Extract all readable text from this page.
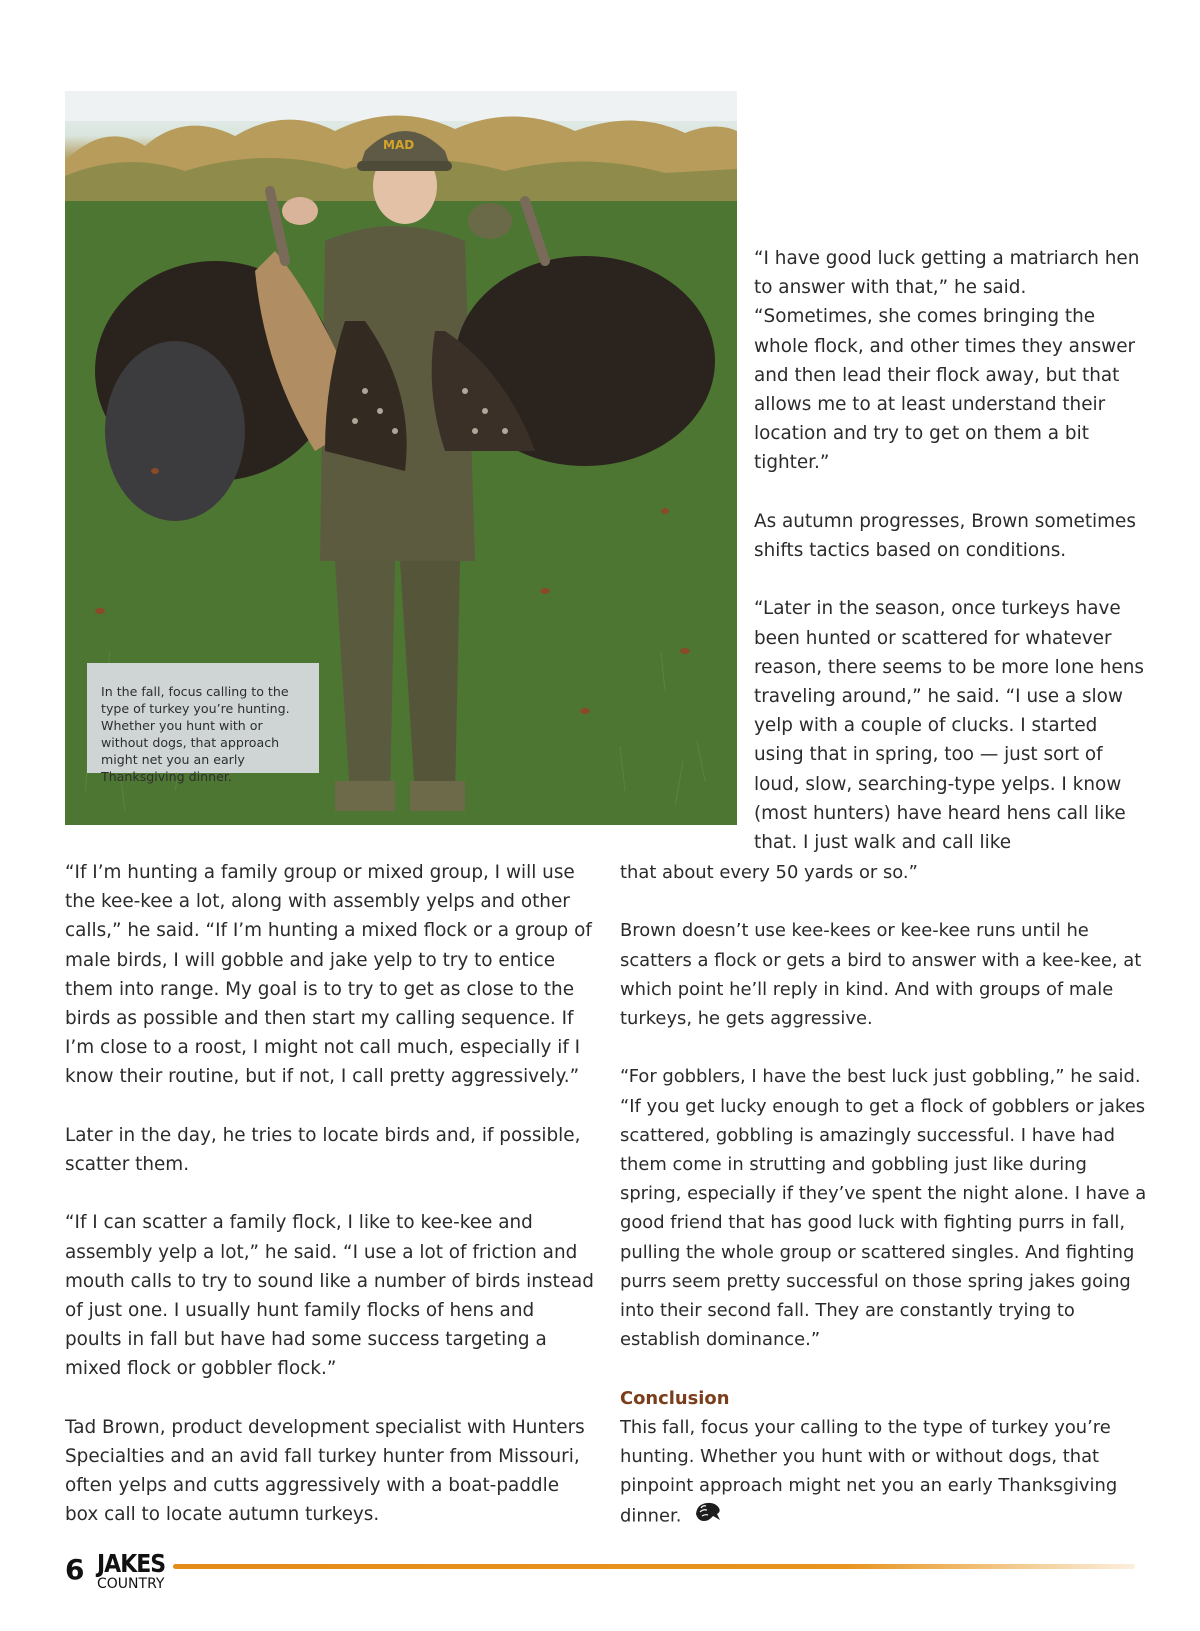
MAD
In the fall, focus calling to the type of turkey you’re hunting. Whether you hunt with or without dogs, that approach might net you an early Thanksgiving dinner.

“I have good luck getting a matriarch hen to answer with that,” he said. “Sometimes, she comes bringing the whole flock, and other times they answer and then lead their flock away, but that allows me to at least understand their location and try to get on them a bit tighter.”

As autumn progresses, Brown sometimes shifts tactics based on conditions.

“Later in the season, once turkeys have been hunted or scattered for whatever reason, there seems to be more lone hens traveling around,” he said. “I use a slow yelp with a couple of clucks. I started using that in spring, too — just sort of loud, slow, searching-type yelps. I know (most hunters) have heard hens call like that. I just walk and call like

“If I’m hunting a family group or mixed group, I will use the kee-kee a lot, along with assembly yelps and other calls,” he said. “If I’m hunting a mixed flock or a group of male birds, I will gobble and jake yelp to try to entice them into range. My goal is to try to get as close to the birds as possible and then start my calling sequence. If I’m close to a roost, I might not call much, especially if I know their routine, but if not, I call pretty aggressively.”

Later in the day, he tries to locate birds and, if possible, scatter them.

“If I can scatter a family flock, I like to kee-kee and assembly yelp a lot,” he said. “I use a lot of friction and mouth calls to try to sound like a number of birds instead of just one. I usually hunt family flocks of hens and poults in fall but have had some success targeting a mixed flock or gobbler flock.”

Tad Brown, product development specialist with Hunters Specialties and an avid fall turkey hunter from Missouri, often yelps and cutts aggressively with a boat-paddle box call to locate autumn turkeys.

that about every 50 yards or so.”

Brown doesn’t use kee-kees or kee-kee runs until he scatters a flock or gets a bird to answer with a kee-kee, at which point he’ll reply in kind. And with groups of male turkeys, he gets aggressive.

“For gobblers, I have the best luck just gobbling,” he said. “If you get lucky enough to get a flock of gobblers or jakes scattered, gobbling is amazingly successful. I have had them come in strutting and gobbling just like during spring, especially if they’ve spent the night alone. I have a good friend that has good luck with fighting purrs in fall, pulling the whole group or scattered singles. And fighting purrs seem pretty successful on those spring jakes going into their second fall. They are constantly trying to establish dominance.”

Conclusion
This fall, focus your calling to the type of turkey you’re hunting. Whether you hunt with or without dogs, that pinpoint approach might net you an early Thanksgiving dinner.

6 JAKES
COUNTRY
